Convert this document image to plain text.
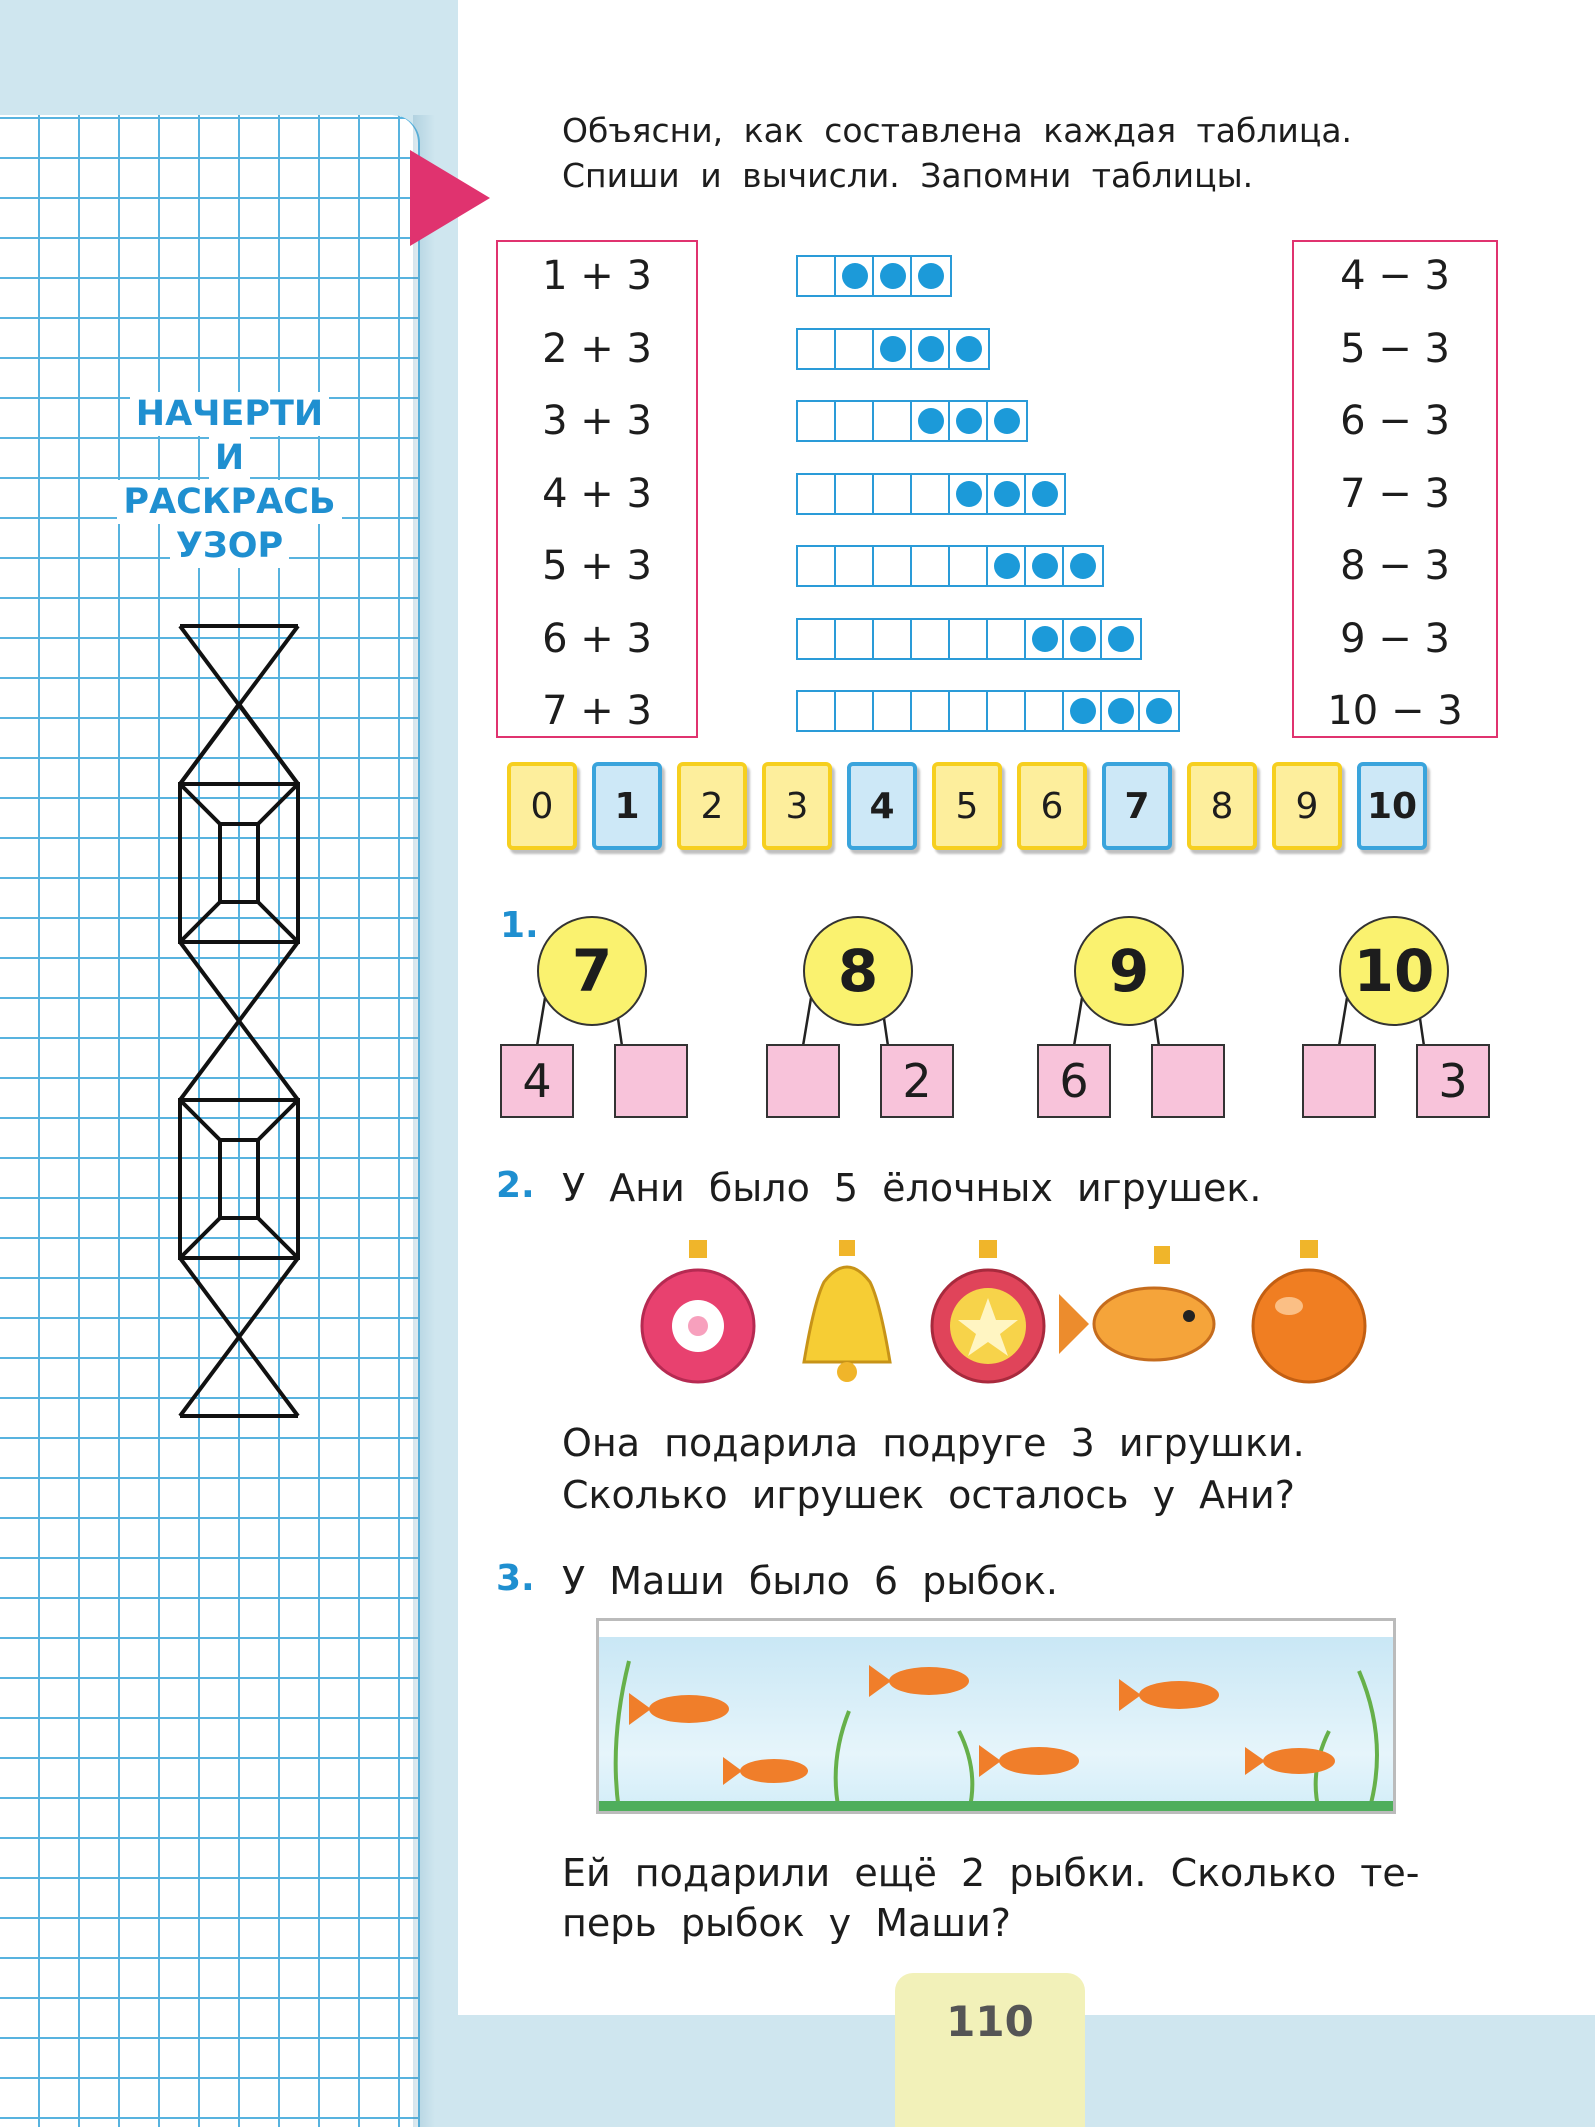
НАЧЕРТИ
И
РАСКРАСЬ
УЗОР
Объясни, как составлена каждая таблица.
Спиши и вычисли. Запомни таблицы.
1 + 3
2 + 3
3 + 3
4 + 3
5 + 3
6 + 3
7 + 3
4 − 3
5 − 3
6 − 3
7 − 3
8 − 3
9 − 3
10 − 3
0	1	2	3	4	5	6	7	8	9	10
1.
7
4
8
2
9
6
10
3
2. У Ани было 5 ёлочных игрушек.
Она подарила подруге 3 игрушки.
Сколько игрушек осталось у Ани?
3. У Маши было 6 рыбок.
Ей подарили ещё 2 рыбки. Сколько те-
перь рыбок у Маши?
110
